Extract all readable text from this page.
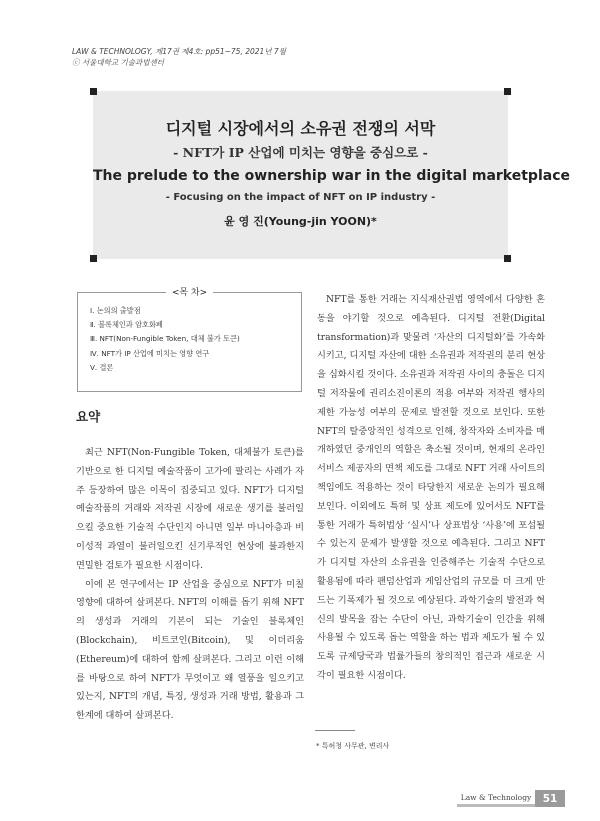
LAW & TECHNOLOGY, 제17권 제4호: pp51~75, 2021년 7월
ⓒ 서울대학교 기술과법센터
디지털 시장에서의 소유권 전쟁의 서막
- NFT가 IP 산업에 미치는 영향을 중심으로 -
The prelude to the ownership war in the digital marketplace
- Focusing on the impact of NFT on IP industry -
윤 영 진(Young-jin YOON)*
<목 차>
Ⅰ. 논의의 출발점
Ⅱ. 블록체인과 암호화폐
Ⅲ. NFT(Non-Fungible Token, 대체 불가 토큰)
Ⅳ. NFT가 IP 산업에 미치는 영향 연구
Ⅴ. 결론
요약

최근 NFT(Non-Fungible Token, 대체불가 토큰)를 기반으로 한 디지털 예술작품이 고가에 팔리는 사례가 자주 등장하여 많은 이목이 집중되고 있다. NFT가 디지털 예술작품의 거래와 저작권 시장에 새로운 생기를 불러일으킬 중요한 기술적 수단인지 아니면 일부 마니아층과 비이성적 과열이 불러일으킨 신기루적인 현상에 불과한지 면밀한 검토가 필요한 시점이다.

이에 본 연구에서는 IP 산업을 중심으로 NFT가 미칠 영향에 대하여 살펴본다. NFT의 이해를 돕기 위해 NFT의 생성과 거래의 기본이 되는 기술인 블록체인(Blockchain), 비트코인(Bitcoin), 및 이더리움(Ethereum)에 대하여 함께 살펴본다. 그리고 이런 이해를 바탕으로 하여 NFT가 무엇이고 왜 열풍을 일으키고 있는지, NFT의 개념, 특징, 생성과 거래 방법, 활용과 그 한계에 대하여 살펴본다.

NFT를 통한 거래는 지식재산권법 영역에서 다양한 혼동을 야기할 것으로 예측된다. 디지털 전환(Digital transformation)과 맞물려 ‘자산의 디지털화’를 가속화시키고, 디지털 자산에 대한 소유권과 저작권의 분리 현상을 심화시킬 것이다. 소유권과 저작권 사이의 충돌은 디지털 저작물에 권리소진이론의 적용 여부와 저작권 행사의 제한 가능성 여부의 문제로 발전할 것으로 보인다. 또한 NFT의 탈중앙적인 성격으로 인해, 창작자와 소비자를 매개하였던 중개인의 역할은 축소될 것이며, 현재의 온라인 서비스 제공자의 면책 제도를 그대로 NFT 거래 사이트의 책임에도 적용하는 것이 타당한지 새로운 논의가 필요해 보인다. 이외에도 특허 및 상표 제도에 있어서도 NFT를 통한 거래가 특허법상 ‘실시’나 상표법상 ‘사용’에 포섭될 수 있는지 문제가 발생할 것으로 예측된다. 그리고 NFT가 디지털 자산의 소유권을 인증해주는 기술적 수단으로 활용됨에 따라 팬덤산업과 게임산업의 규모를 더 크게 만드는 기폭제가 될 것으로 예상된다. 과학기술의 발전과 혁신의 발목을 잡는 수단이 아닌, 과학기술이 인간을 위해 사용될 수 있도록 돕는 역할을 하는 법과 제도가 될 수 있도록 규제당국과 법률가들의 창의적인 접근과 새로운 시각이 필요한 시점이다.

* 특허청 사무관, 변리사
Law & Technology	51
